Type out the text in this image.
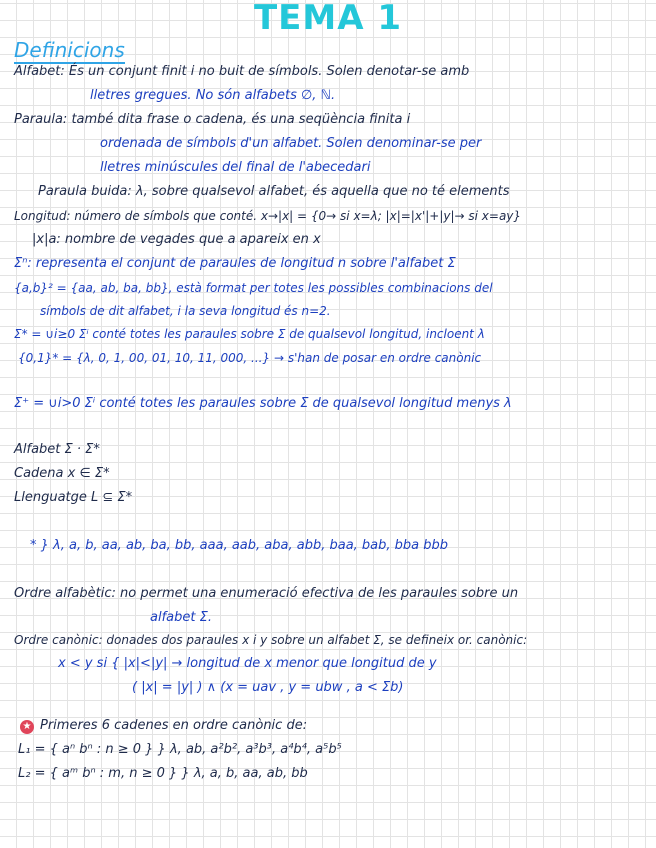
TEMA 1
Definicions
Alfabet: És un conjunt finit i no buit de símbols. Solen denotar-se amb
lletres gregues. No són alfabets ∅, ℕ.
Paraula: també dita frase o cadena, és una seqüència finita i
ordenada de símbols d'un alfabet. Solen denominar-se per
lletres minúscules del final de l'abecedari
Paraula buida: λ, sobre qualsevol alfabet, és aquella que no té elements
Longitud: número de símbols que conté. x→|x| = {0→ si x=λ; |x|=|x'|+|y|→ si x=ay}
|x|a: nombre de vegades que a apareix en x
Σⁿ: representa el conjunt de paraules de longitud n sobre l'alfabet Σ
{a,b}² = {aa, ab, ba, bb}, està format per totes les possibles combinacions del
símbols de dit alfabet, i la seva longitud és n=2.
Σ* = ∪i≥0 Σⁱ conté totes les paraules sobre Σ de qualsevol longitud, incloent λ
{0,1}* = {λ, 0, 1, 00, 01, 10, 11, 000, ...} → s'han de posar en ordre canònic
Σ⁺ = ∪i>0 Σⁱ conté totes les paraules sobre Σ de qualsevol longitud menys λ
Alfabet Σ · Σ*
Cadena x ∈ Σ*
Llenguatge L ⊆ Σ*
* } λ, a, b, aa, ab, ba, bb, aaa, aab, aba, abb, baa, bab, bba bbb
Ordre alfabètic: no permet una enumeració efectiva de les paraules sobre un
alfabet Σ.
Ordre canònic: donades dos paraules x i y sobre un alfabet Σ, se defineix or. canònic:
x < y si { |x|<|y| → longitud de x menor que longitud de y
( |x| = |y| ) ∧ (x = uav , y = ubw , a < Σb)
★ Primeres 6 cadenes en ordre canònic de:
L₁ = { aⁿ bⁿ : n ≥ 0 } } λ, ab, a²b², a³b³, a⁴b⁴, a⁵b⁵
L₂ = { aᵐ bⁿ : m, n ≥ 0 } } λ, a, b, aa, ab, bb
